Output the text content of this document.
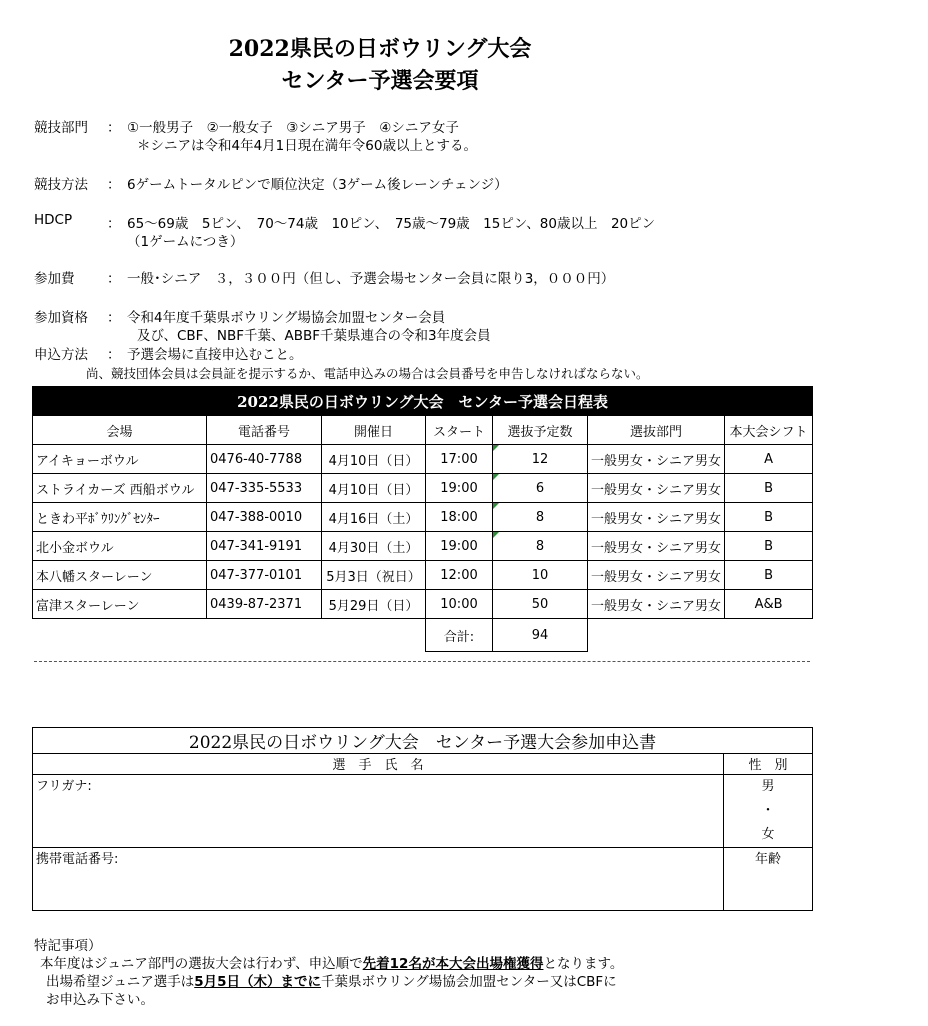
2022県民の日ボウリング大会
センター予選会要項
競技部門 ： ①一般男子　②一般女子　③シニア男子　④シニア女子
＊シニアは令和4年4月1日現在満年令60歳以上とする。
競技方法 ： 6ゲームトータルピンで順位決定（3ゲーム後レーンチェンジ）
HDCP	： 65～69歳　5ピン、　70～74歳　10ピン、　75歳～79歳　15ピン、80歳以上　20ピン
（1ゲームにつき）
参加費 ： 一般･シニア　３，３００円（但し、予選会場センター会員に限り3，０００円）
参加資格 ： 令和4年度千葉県ボウリング場協会加盟センター会員
及び、CBF、NBF千葉、ABBF千葉県連合の令和3年度会員
申込方法 ： 予選会場に直接申込むこと。
尚、競技団体会員は会員証を提示するか、電話申込みの場合は会員番号を申告しなければならない。
2022県民の日ボウリング大会　センター予選会日程表						
会場	電話番号	開催日	スタート	選抜予定数	選抜部門	本大会シフト
アイキョーボウル	0476-40-7788	4月10日（日）	17:00	12	一般男女・シニア男女	A
ストライカーズ 西船ボウル	047-335-5533	4月10日（日）	19:00	6	一般男女・シニア男女	B
ときわ平ﾎﾞｳﾘﾝｸﾞｾﾝﾀｰ	047-388-0010	4月16日（土）	18:00	8	一般男女・シニア男女	B
北小金ボウル	047-341-9191	4月30日（土）	19:00	8	一般男女・シニア男女	B
本八幡スターレーン	047-377-0101	5月3日（祝日）	12:00	10	一般男女・シニア男女	B
富津スターレーン	0439-87-2371	5月29日（日）	10:00	50	一般男女・シニア男女	A&B
			合計:	94		
2022県民の日ボウリング大会　センター予選大会参加申込書	
選　手　氏　名	性　別
フリガナ:	男
・
女

携帯電話番号:	年齢
特記事項）
本年度はジュニア部門の選抜大会は行わず、申込順で先着12名が本大会出場権獲得となります。
出場希望ジュニア選手は5月5日（木）までに千葉県ボウリング場協会加盟センター又はCBFに
お申込み下さい。
